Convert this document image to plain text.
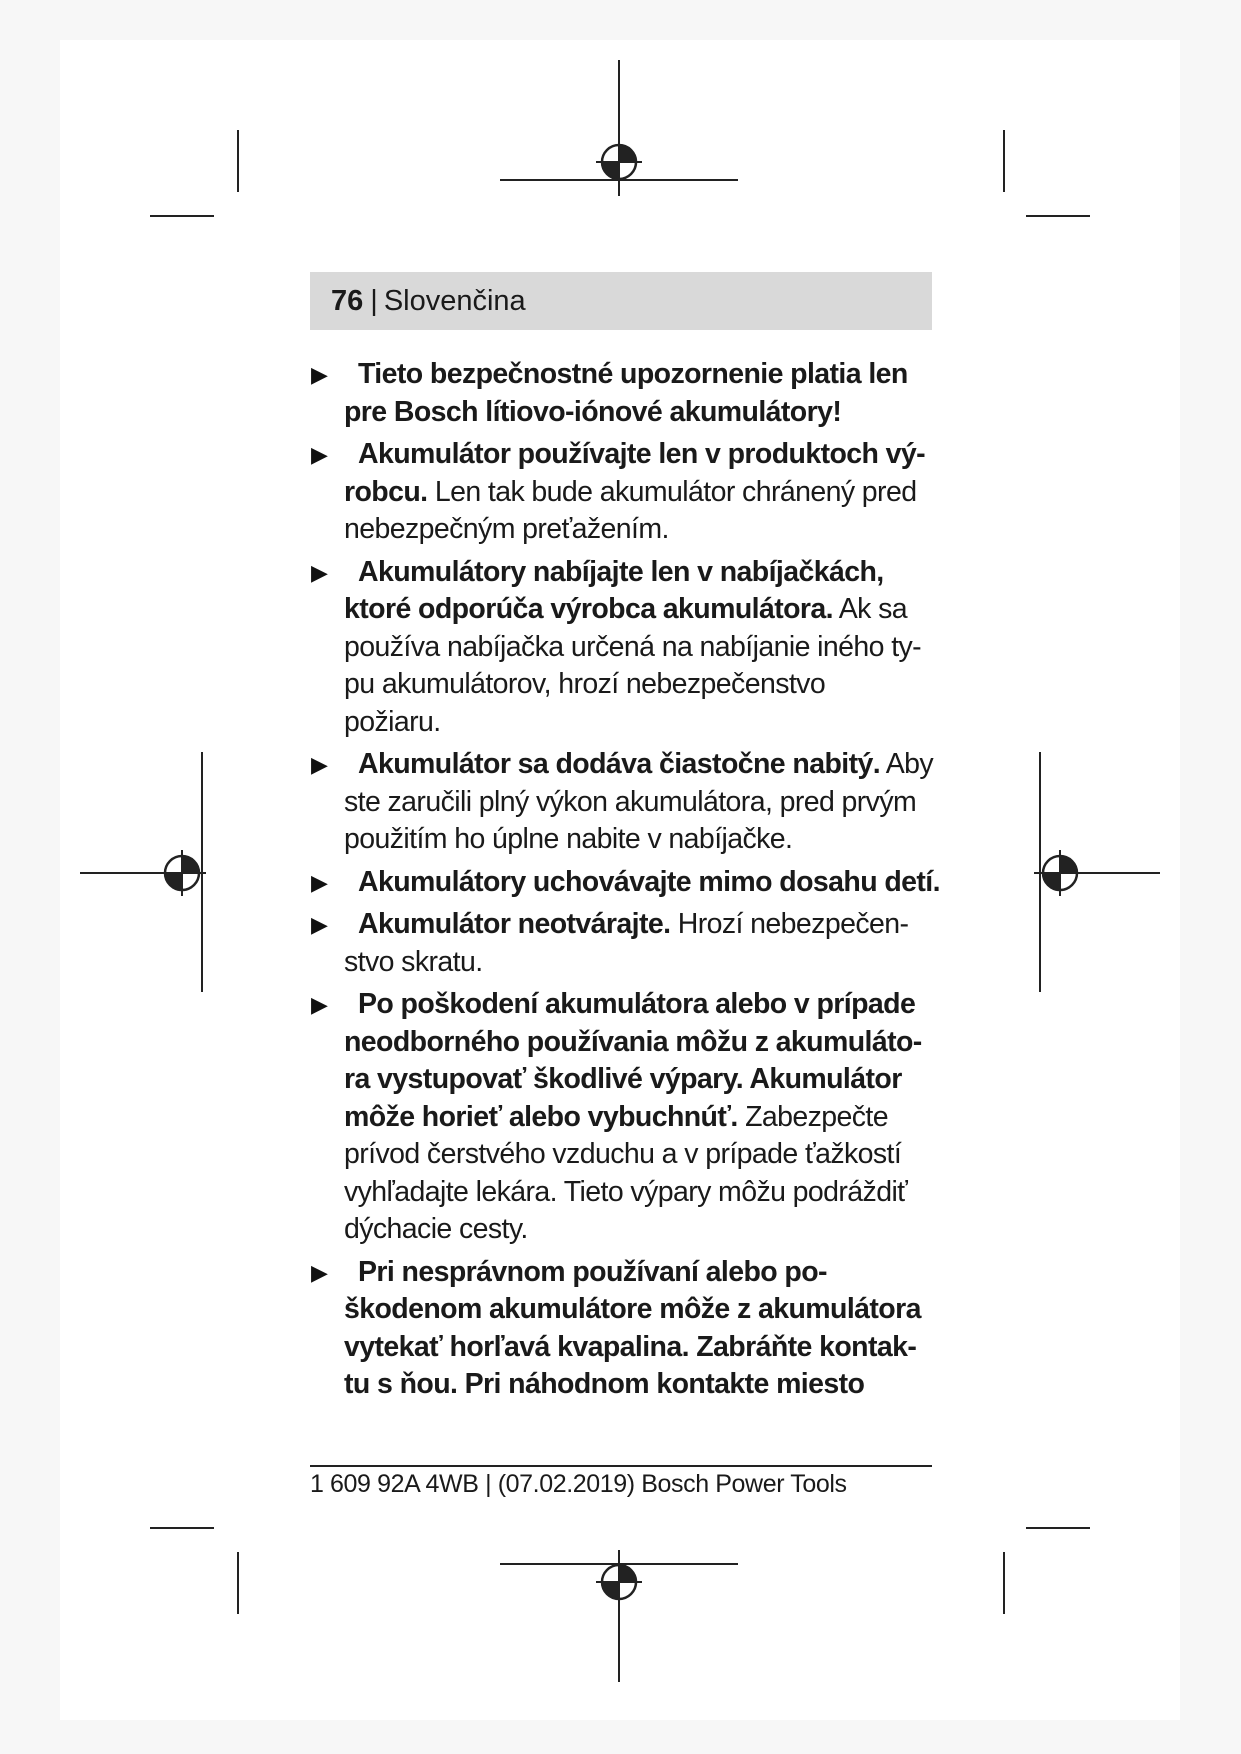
76 | Slovenčina
▶	Tieto bezpečnostné upozornenie platia len

pre Bosch lítiovo-iónové akumulátory!

▶	Akumulátor používajte len v produktoch vý-

robcu. Len tak bude akumulátor chránený pred

nebezpečným preťažením.

▶	Akumulátory nabíjajte len v nabíjačkách,

ktoré odporúča výrobca akumulátora. Ak sa

používa nabíjačka určená na nabíjanie iného ty-

pu akumulátorov, hrozí nebezpečenstvo

požiaru.

▶	Akumulátor sa dodáva čiastočne nabitý. Aby

ste zaručili plný výkon akumulátora, pred prvým

použitím ho úplne nabite v nabíjačke.

▶	Akumulátory uchovávajte mimo dosahu detí.

▶	Akumulátor neotvárajte. Hrozí nebezpečen-

stvo skratu.

▶	Po poškodení akumulátora alebo v prípade

neodborného používania môžu z akumuláto-

ra vystupovať škodlivé výpary. Akumulátor

môže horieť alebo vybuchnúť. Zabezpečte

prívod čerstvého vzduchu a v prípade ťažkostí

vyhľadajte lekára. Tieto výpary môžu podráždiť

dýchacie cesty.

▶	Pri nesprávnom používaní alebo po-

škodenom akumulátore môže z akumulátora

vytekať horľavá kvapalina. Zabráňte kontak-

tu s ňou. Pri náhodnom kontakte miesto

1 609 92A 4WB | (07.02.2019) Bosch Power Tools
